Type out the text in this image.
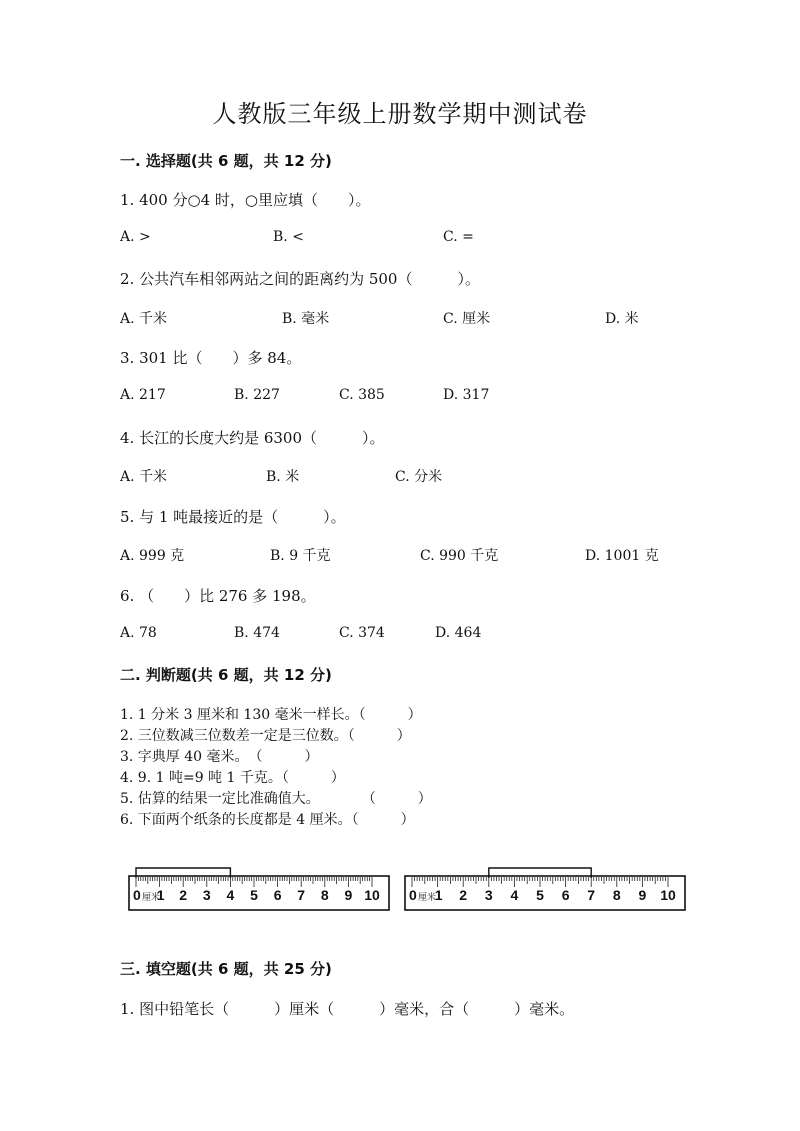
人教版三年级上册数学期中测试卷
一. 选择题(共 6 题，共 12 分)
1. 400 分○4 时，○里应填（　　）。
A. >	B. <	C. =
2. 公共汽车相邻两站之间的距离约为 500（　　　）。
A. 千米	B. 毫米	C. 厘米	D. 米
3. 301 比（　　）多 84。
A. 217	B. 227	C. 385	D. 317
4. 长江的长度大约是 6300（　　　）。
A. 千米	B. 米	C. 分米
5. 与 1 吨最接近的是（　　　）。
A. 999 克	B. 9 千克	C. 990 千克	D. 1001 克
6. （　　）比 276 多 198。
A. 78	B. 474	C. 374	D. 464
二. 判断题(共 6 题，共 12 分)
1. 1 分米 3 厘米和 130 毫米一样长。（　　　）
2. 三位数减三位数差一定是三位数。（　　　）
3. 字典厚 40 毫米。　（　　　）
4. 9. 1 吨=9 吨 1 千克。（　　　）
5. 估算的结果一定比准确值大。　　　　（　　　）
6. 下面两个纸条的长度都是 4 厘米。（　　　）
0 厘米 2 3 4 5 6 7 8 9 10
1	0 厘米 2 3 4 5 6 7 8 9 10
1
三. 填空题(共 6 题，共 25 分)
1. 图中铅笔长（　　　）厘米（　　　）毫米，合（　　　）毫米。
